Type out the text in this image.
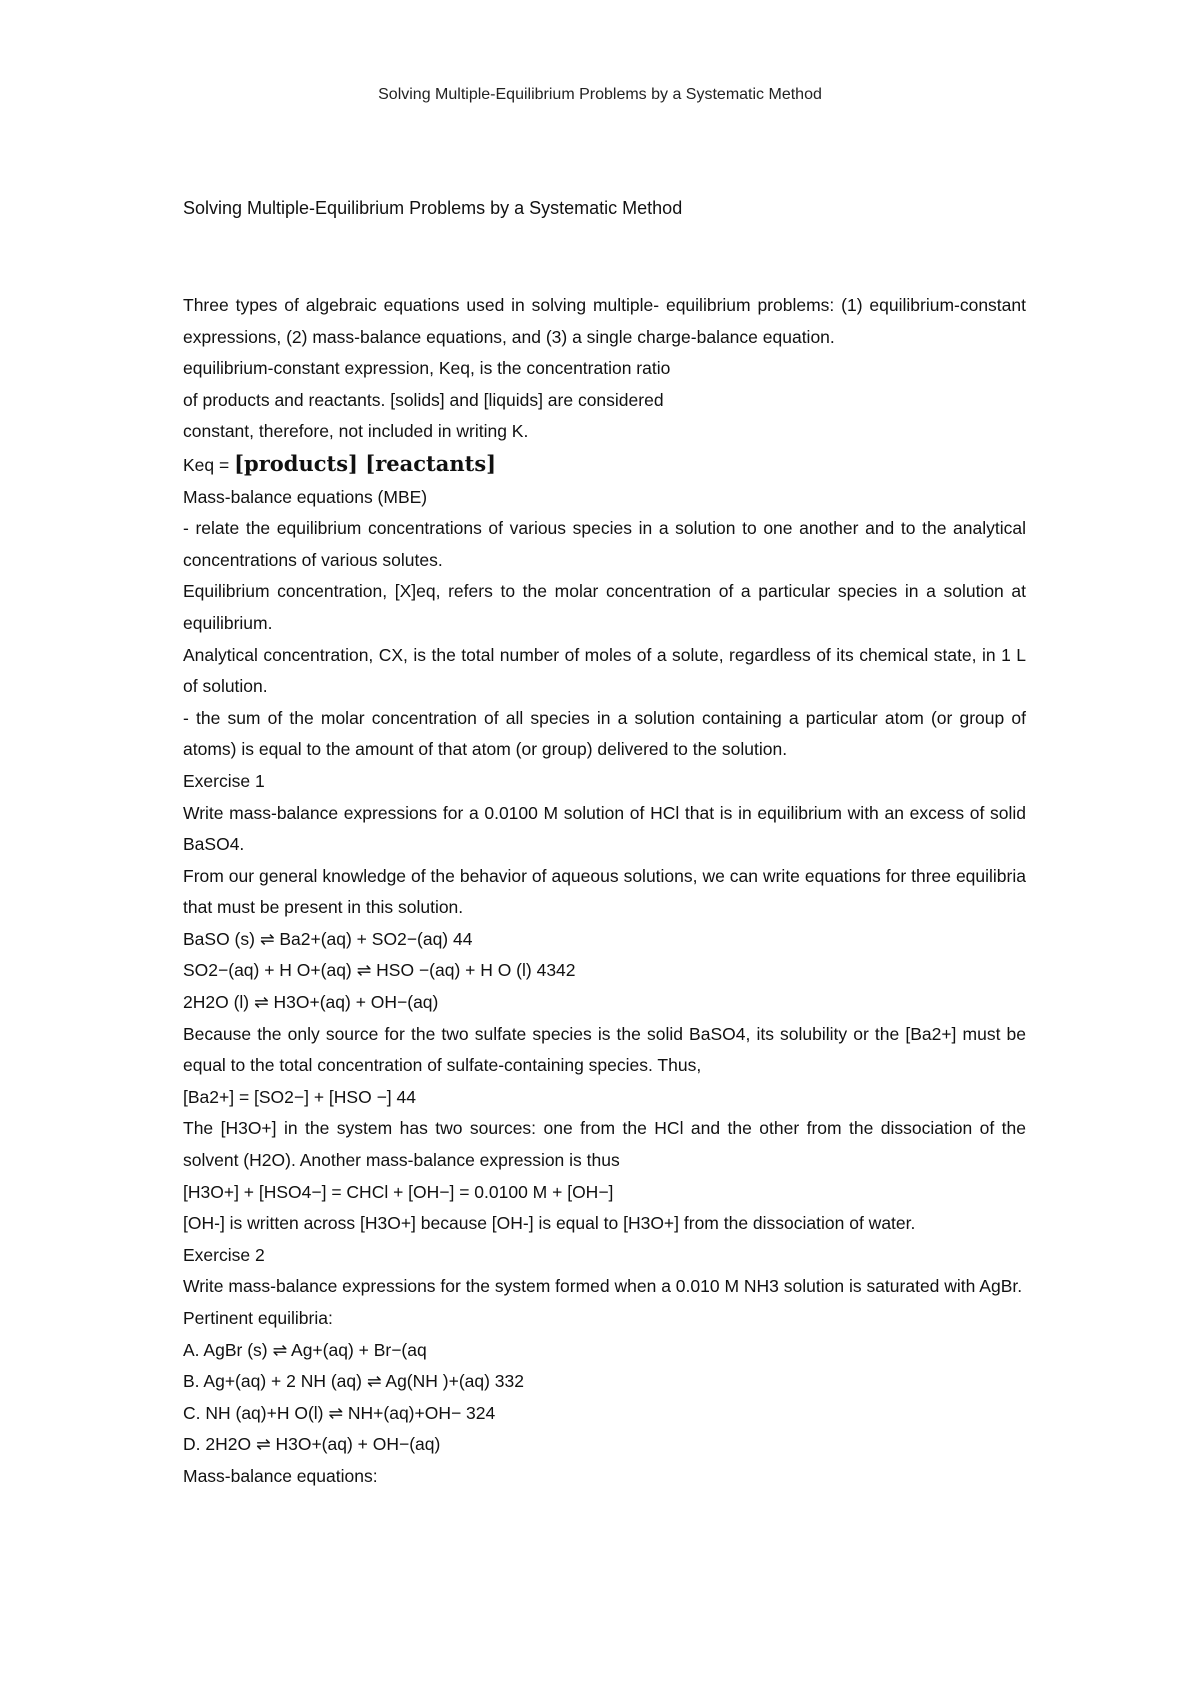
Solving Multiple-Equilibrium Problems by a Systematic Method
Solving Multiple-Equilibrium Problems by a Systematic Method

Three types of algebraic equations used in solving multiple- equilibrium problems: (1) equilibrium-constant expressions, (2) mass-balance equations, and (3) a single charge-balance equation.

equilibrium-constant expression, Keq, is the concentration ratio

of products and reactants. [solids] and [liquids] are considered

constant, therefore, not included in writing K.

Keq = [products] [reactants]

Mass-balance equations (MBE)

- relate the equilibrium concentrations of various species in a solution to one another and to the analytical concentrations of various solutes.

Equilibrium concentration, [X]eq, refers to the molar concentration of a particular species in a solution at equilibrium.

Analytical concentration, CX, is the total number of moles of a solute, regardless of its chemical state, in 1 L of solution.

- the sum of the molar concentration of all species in a solution containing a particular atom (or group of atoms) is equal to the amount of that atom (or group) delivered to the solution.

Exercise 1

Write mass-balance expressions for a 0.0100 M solution of HCl that is in equilibrium with an excess of solid BaSO4.

From our general knowledge of the behavior of aqueous solutions, we can write equations for three equilibria that must be present in this solution.

BaSO (s) ⇌ Ba2+(aq) + SO2−(aq) 44

SO2−(aq) + H O+(aq) ⇌ HSO −(aq) + H O (l) 4342

2H2O (l) ⇌ H3O+(aq) + OH−(aq)

Because the only source for the two sulfate species is the solid BaSO4, its solubility or the [Ba2+] must be equal to the total concentration of sulfate-containing species. Thus,

[Ba2+] = [SO2−] + [HSO −] 44

The [H3O+] in the system has two sources: one from the HCl and the other from the dissociation of the solvent (H2O). Another mass-balance expression is thus

[H3O+] + [HSO4−] = CHCl + [OH−] = 0.0100 M + [OH−]

[OH-] is written across [H3O+] because [OH-] is equal to [H3O+] from the dissociation of water.

Exercise 2

Write mass-balance expressions for the system formed when a 0.010 M NH3 solution is saturated with AgBr.

Pertinent equilibria:

A. AgBr (s) ⇌ Ag+(aq) + Br−(aq

B. Ag+(aq) + 2 NH (aq) ⇌ Ag(NH )+(aq) 332

C. NH (aq)+H O(l) ⇌ NH+(aq)+OH− 324

D. 2H2O ⇌ H3O+(aq) + OH−(aq)

Mass-balance equations:
